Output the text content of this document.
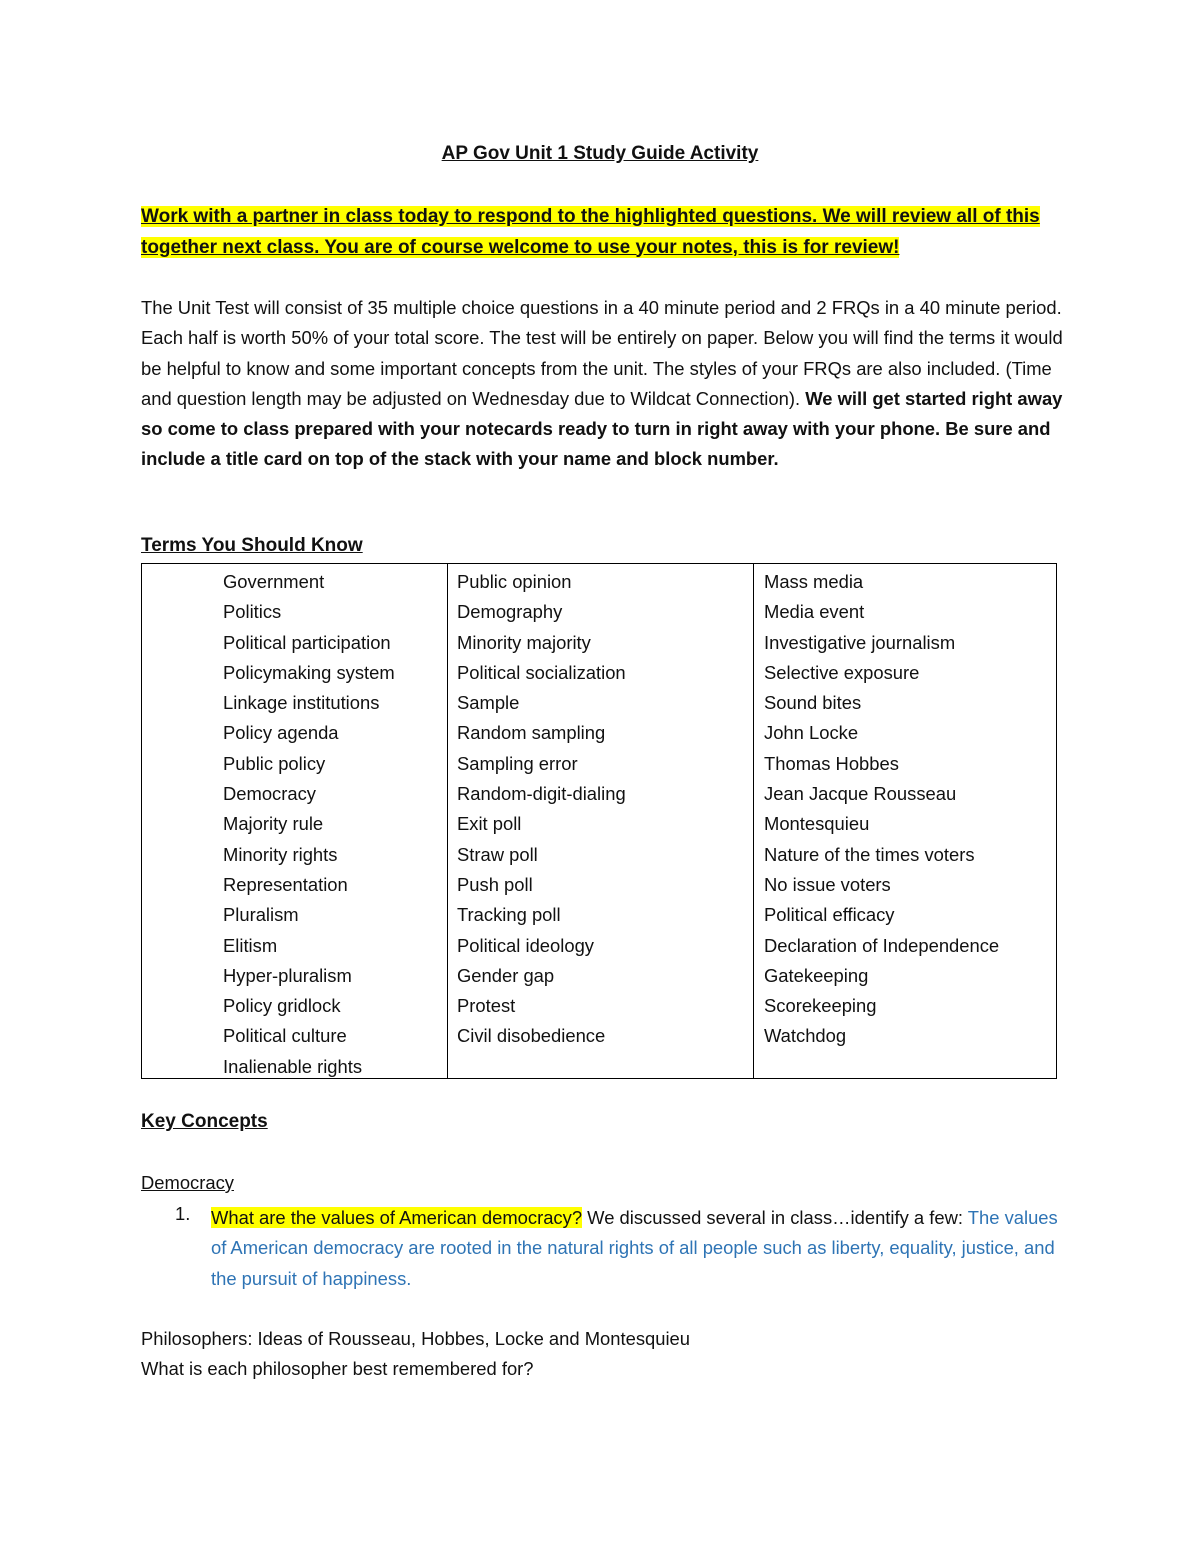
AP Gov Unit 1 Study Guide Activity
Work with a partner in class today to respond to the highlighted questions. We will review all of this
together next class. You are of course welcome to use your notes, this is for review!
The Unit Test will consist of 35 multiple choice questions in a 40 minute period and 2 FRQs in a 40 minute period. Each half is worth 50% of your total score. The test will be entirely on paper. Below you will find the terms it would be helpful to know and some important concepts from the unit. The styles of your FRQs are also included. (Time and question length may be adjusted on Wednesday due to Wildcat Connection). We will get started right away so come to class prepared with your notecards ready to turn in right away with your phone. Be sure and include a title card on top of the stack with your name and block number.
Terms You Should Know
Government
Politics
Political participation
Policymaking system
Linkage institutions
Policy agenda
Public policy
Democracy
Majority rule
Minority rights
Representation
Pluralism
Elitism
Hyper-pluralism
Policy gridlock
Political culture
Inalienable rights
Public opinion
Demography
Minority majority
Political socialization
Sample
Random sampling
Sampling error
Random-digit-dialing
Exit poll
Straw poll
Push poll
Tracking poll
Political ideology
Gender gap
Protest
Civil disobedience
Mass media
Media event
Investigative journalism
Selective exposure
Sound bites
John Locke
Thomas Hobbes
Jean Jacque Rousseau
Montesquieu
Nature of the times voters
No issue voters
Political efficacy
Declaration of Independence
Gatekeeping
Scorekeeping
Watchdog
Key Concepts
Democracy
1. What are the values of American democracy? We discussed several in class…identify a few: The values of American democracy are rooted in the natural rights of all people such as liberty, equality, justice, and the pursuit of happiness.
Philosophers: Ideas of Rousseau, Hobbes, Locke and Montesquieu
What is each philosopher best remembered for?
